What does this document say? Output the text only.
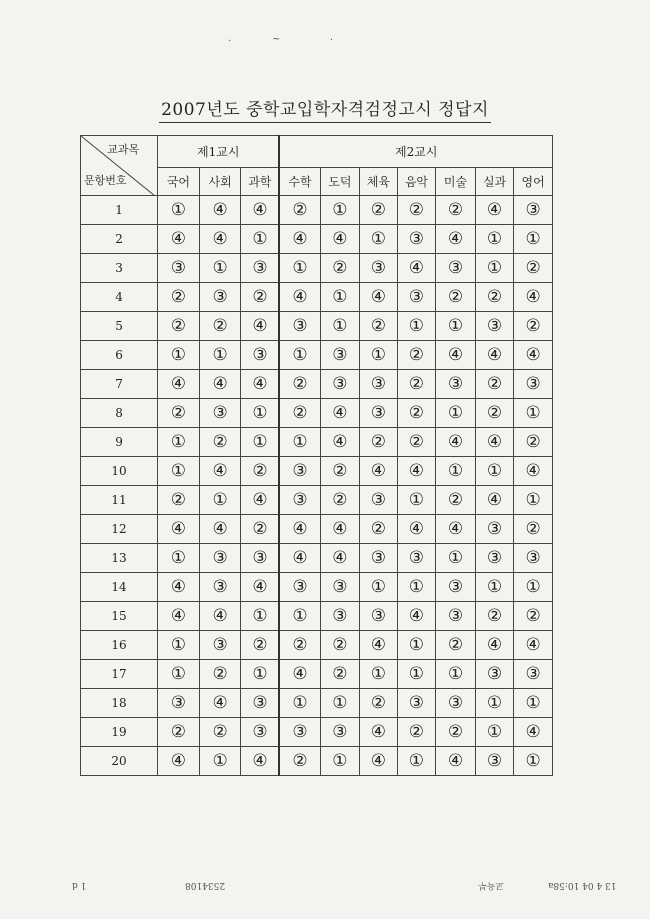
2007년도 중학교입학자격검정고시 정답지
교과목
문항번호	제1교시			제2교시						
	국어	사회	과학	수학	도덕	체육	음악	미술	실과	영어
1	①	④	④	②	①	②	②	②	④	③
2	④	④	①	④	④	①	③	④	①	①
3	③	①	③	①	②	③	④	③	①	②
4	②	③	②	④	①	④	③	②	②	④
5	②	②	④	③	①	②	①	①	③	②
6	①	①	③	①	③	①	②	④	④	④
7	④	④	④	②	③	③	②	③	②	③
8	②	③	①	②	④	③	②	①	②	①
9	①	②	①	①	④	②	②	④	④	②
10	①	④	②	③	②	④	④	①	①	④
11	②	①	④	③	②	③	①	②	④	①
12	④	④	②	④	④	②	④	④	③	②
13	①	③	③	④	④	③	③	①	③	③
14	④	③	④	③	③	①	①	③	①	①
15	④	④	①	①	③	③	④	③	②	②
16	①	③	②	②	②	④	①	②	④	④
17	①	②	①	④	②	①	①	①	③	③
18	③	④	③	①	①	②	③	③	①	①
19	②	②	③	③	③	④	②	②	①	④
20	④	①	④	②	①	④	①	④	③	①
·	~	·
1 d	2534108	교육부	13 4 04 10:58a
